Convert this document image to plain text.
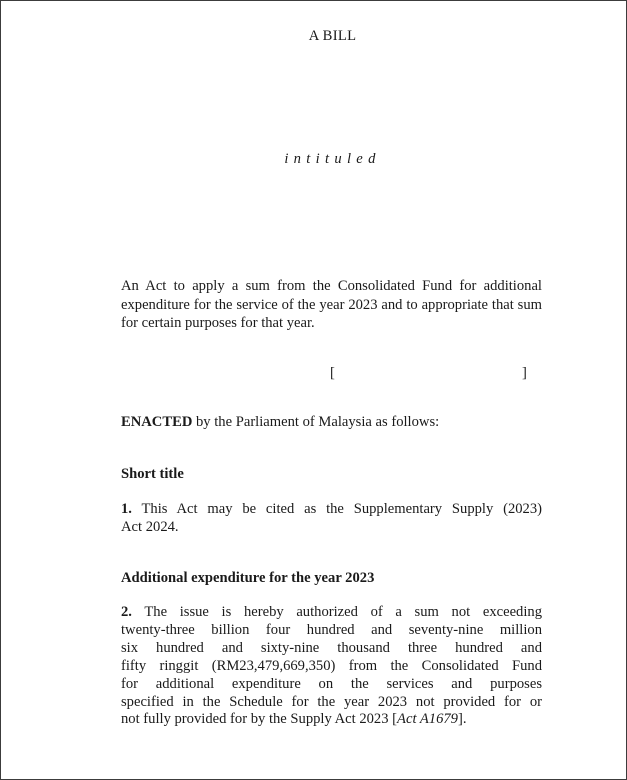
A BILL
intituled
An Act to apply a sum from the Consolidated Fund for additional expenditure for the service of the year 2023 and to appropriate that sum for certain purposes for that year.
[	]
ENACTED by the Parliament of Malaysia as follows:
Short title
1. This Act may be cited as the Supplementary Supply (2023)
Act 2024.
Additional expenditure for the year 2023
2. The issue is hereby authorized of a sum not exceeding
twenty-three billion four hundred and seventy-nine million
six hundred and sixty-nine thousand three hundred and
fifty ringgit (RM23,479,669,350) from the Consolidated Fund
for additional expenditure on the services and purposes
specified in the Schedule for the year 2023 not provided for or
not fully provided for by the Supply Act 2023 [Act A1679].
